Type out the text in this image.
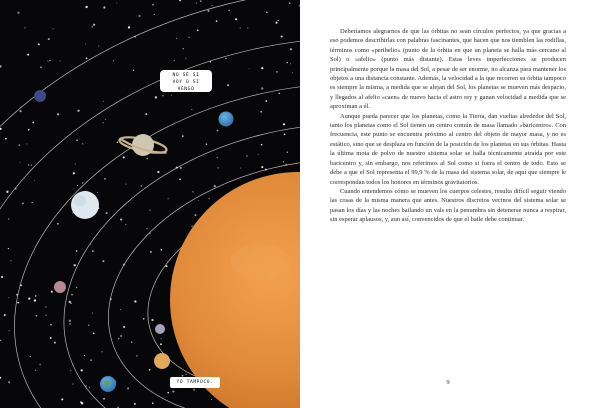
NO SÉ SI
VOY O SI
VENGO
YO TAMPOCO.

Deberíamos alegrarnos de que las órbitas no sean círculos perfectos, ya que gracias a eso podemos describirlas con palabras fascinantes, que hacen que nos tiemblen las rodillas, términos como «perihelio» (punto de la órbita en que un planeta se halla más cercano al Sol) o «afelio» (punto más distante). Estas leves imperfecciones se producen principalmente porque la masa del Sol, a pesar de ser enorme, no alcanza para mantener los objetos a una distancia constante. Además, la velocidad a la que recorren su órbita tampoco es siempre la misma, a medida que se alejan del Sol, los planetas se mueven más despacio, y llegados al afelio «caen» de nuevo hacia el astro rey y ganan velocidad a medida que se aproximan a él.

Aunque pueda parecer que los planetas, como la Tierra, dan vueltas alrededor del Sol, tanto los planetas como el Sol tienen un centro común de masa llamado «baricentro». Con frecuencia, este punto se encuentra próximo al centro del objeto de mayor masa, y no es estático, sino que se desplaza en función de la posición de los planetas en sus órbitas. Hasta la última mota de polvo de nuestro sistema solar se halla técnicamente atraída por este baricentro y, sin embargo, nos referimos al Sol como si fuera el centro de todo. Esto se debe a que el Sol representa el 99,9 % de la masa del sistema solar, de aquí que siempre le correspondan todos los honores en términos gravitatorios.

Cuando entendemos cómo se mueven los cuerpos celestes, resulta difícil seguir viendo las cosas de la misma manera que antes. Nuestros discretos vecinos del sistema solar se pasan los días y las noches bailando un vals en la penumbra sin detenerse nunca a respirar, sin esperar aplausos, y, aun así, convencidos de que el baile debe continuar.

9
